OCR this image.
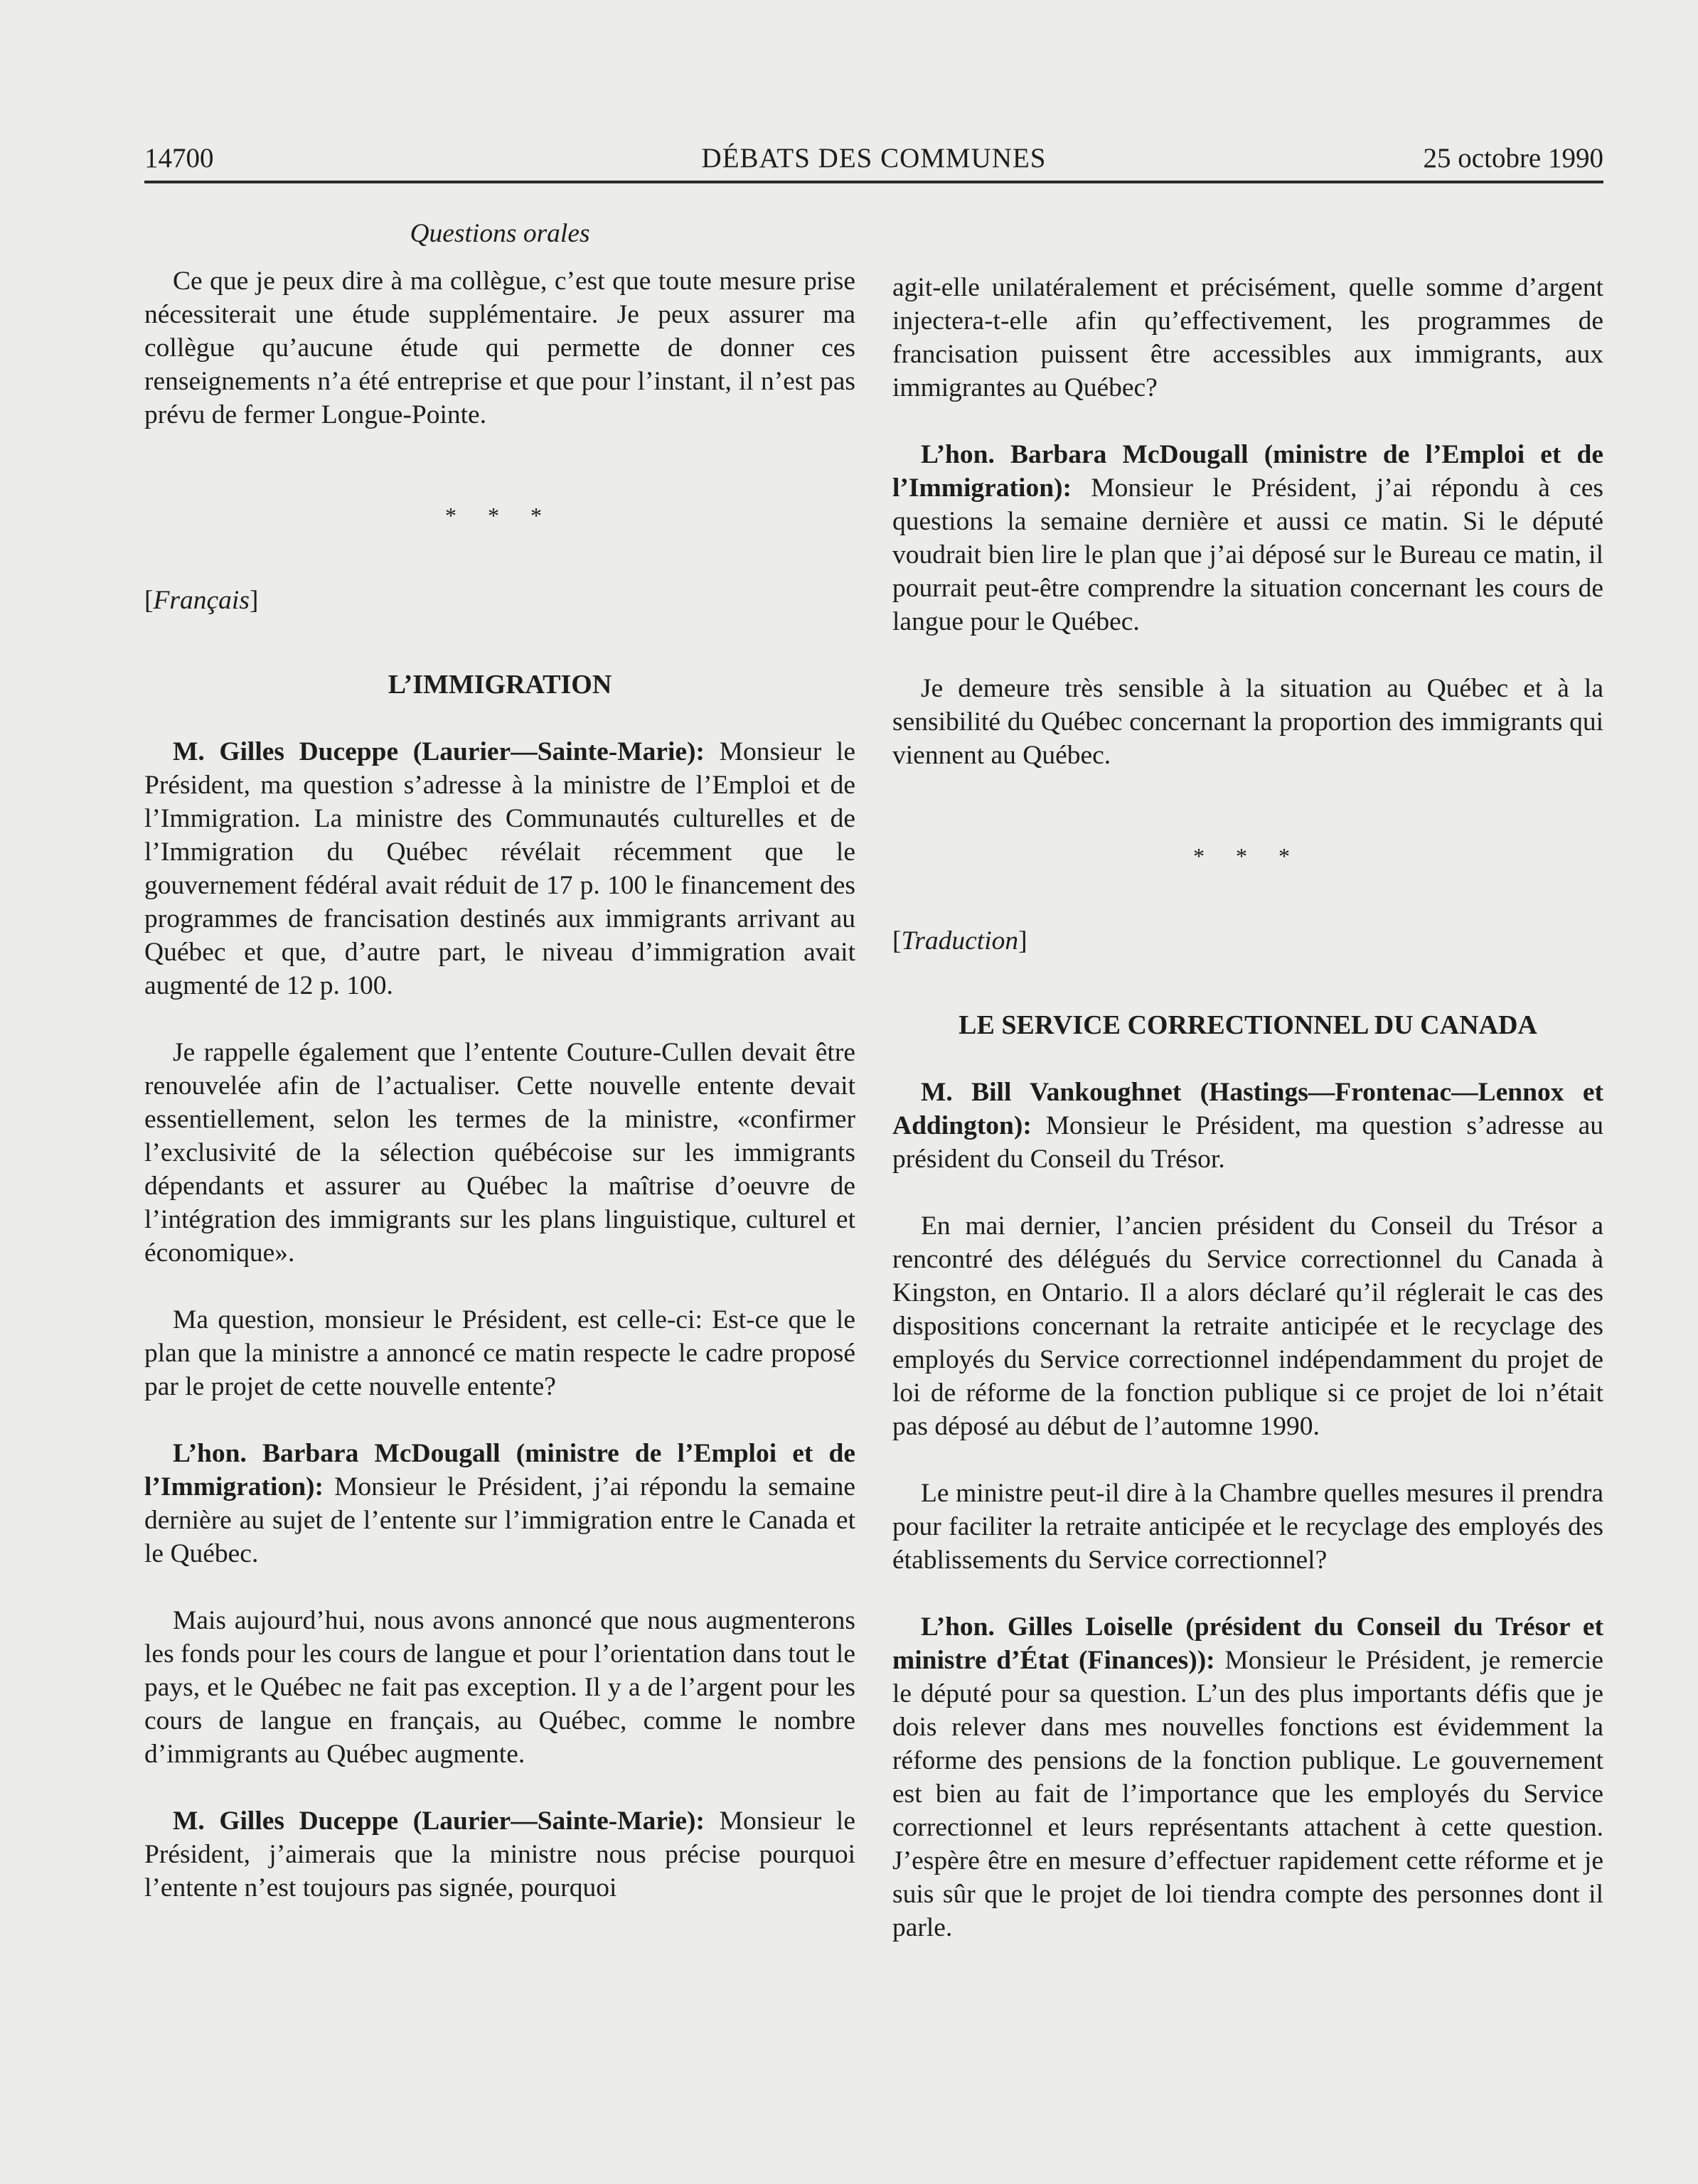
14700	DÉBATS DES COMMUNES	25 octobre 1990
Questions orales

Ce que je peux dire à ma collègue, c’est que toute mesure prise nécessiterait une étude supplémentaire. Je peux assurer ma collègue qu’aucune étude qui permette de donner ces renseignements n’a été entreprise et que pour l’instant, il n’est pas prévu de fermer Longue-Pointe.

* * *

[Français]

L’IMMIGRATION

M. Gilles Duceppe (Laurier—Sainte-Marie): Monsieur le Président, ma question s’adresse à la ministre de l’Emploi et de l’Immigration. La ministre des Communautés culturelles et de l’Immigration du Québec révélait récemment que le gouvernement fédéral avait réduit de 17 p. 100 le financement des programmes de francisation destinés aux immigrants arrivant au Québec et que, d’autre part, le niveau d’immigration avait augmenté de 12 p. 100.

Je rappelle également que l’entente Couture-Cullen devait être renouvelée afin de l’actualiser. Cette nouvelle entente devait essentiellement, selon les termes de la ministre, «confirmer l’exclusivité de la sélection québécoise sur les immigrants dépendants et assurer au Québec la maîtrise d’oeuvre de l’intégration des immigrants sur les plans linguistique, culturel et économique».

Ma question, monsieur le Président, est celle-ci: Est-ce que le plan que la ministre a annoncé ce matin respecte le cadre proposé par le projet de cette nouvelle entente?

L’hon. Barbara McDougall (ministre de l’Emploi et de l’Immigration): Monsieur le Président, j’ai répondu la semaine dernière au sujet de l’entente sur l’immigration entre le Canada et le Québec.

Mais aujourd’hui, nous avons annoncé que nous augmenterons les fonds pour les cours de langue et pour l’orientation dans tout le pays, et le Québec ne fait pas exception. Il y a de l’argent pour les cours de langue en français, au Québec, comme le nombre d’immigrants au Québec augmente.

M. Gilles Duceppe (Laurier—Sainte-Marie): Monsieur le Président, j’aimerais que la ministre nous précise pourquoi l’entente n’est toujours pas signée, pourquoi

agit-elle unilatéralement et précisément, quelle somme d’argent injectera-t-elle afin qu’effectivement, les programmes de francisation puissent être accessibles aux immigrants, aux immigrantes au Québec?

L’hon. Barbara McDougall (ministre de l’Emploi et de l’Immigration): Monsieur le Président, j’ai répondu à ces questions la semaine dernière et aussi ce matin. Si le député voudrait bien lire le plan que j’ai déposé sur le Bureau ce matin, il pourrait peut-être comprendre la situation concernant les cours de langue pour le Québec.

Je demeure très sensible à la situation au Québec et à la sensibilité du Québec concernant la proportion des immigrants qui viennent au Québec.

* * *

[Traduction]

LE SERVICE CORRECTIONNEL DU CANADA

M. Bill Vankoughnet (Hastings—Frontenac—Lennox et Addington): Monsieur le Président, ma question s’adresse au président du Conseil du Trésor.

En mai dernier, l’ancien président du Conseil du Trésor a rencontré des délégués du Service correctionnel du Canada à Kingston, en Ontario. Il a alors déclaré qu’il réglerait le cas des dispositions concernant la retraite anticipée et le recyclage des employés du Service correctionnel indépendamment du projet de loi de réforme de la fonction publique si ce projet de loi n’était pas déposé au début de l’automne 1990.

Le ministre peut-il dire à la Chambre quelles mesures il prendra pour faciliter la retraite anticipée et le recyclage des employés des établissements du Service correctionnel?

L’hon. Gilles Loiselle (président du Conseil du Trésor et ministre d’État (Finances)): Monsieur le Président, je remercie le député pour sa question. L’un des plus importants défis que je dois relever dans mes nouvelles fonctions est évidemment la réforme des pensions de la fonction publique. Le gouvernement est bien au fait de l’importance que les employés du Service correctionnel et leurs représentants attachent à cette question. J’espère être en mesure d’effectuer rapidement cette réforme et je suis sûr que le projet de loi tiendra compte des personnes dont il parle.
